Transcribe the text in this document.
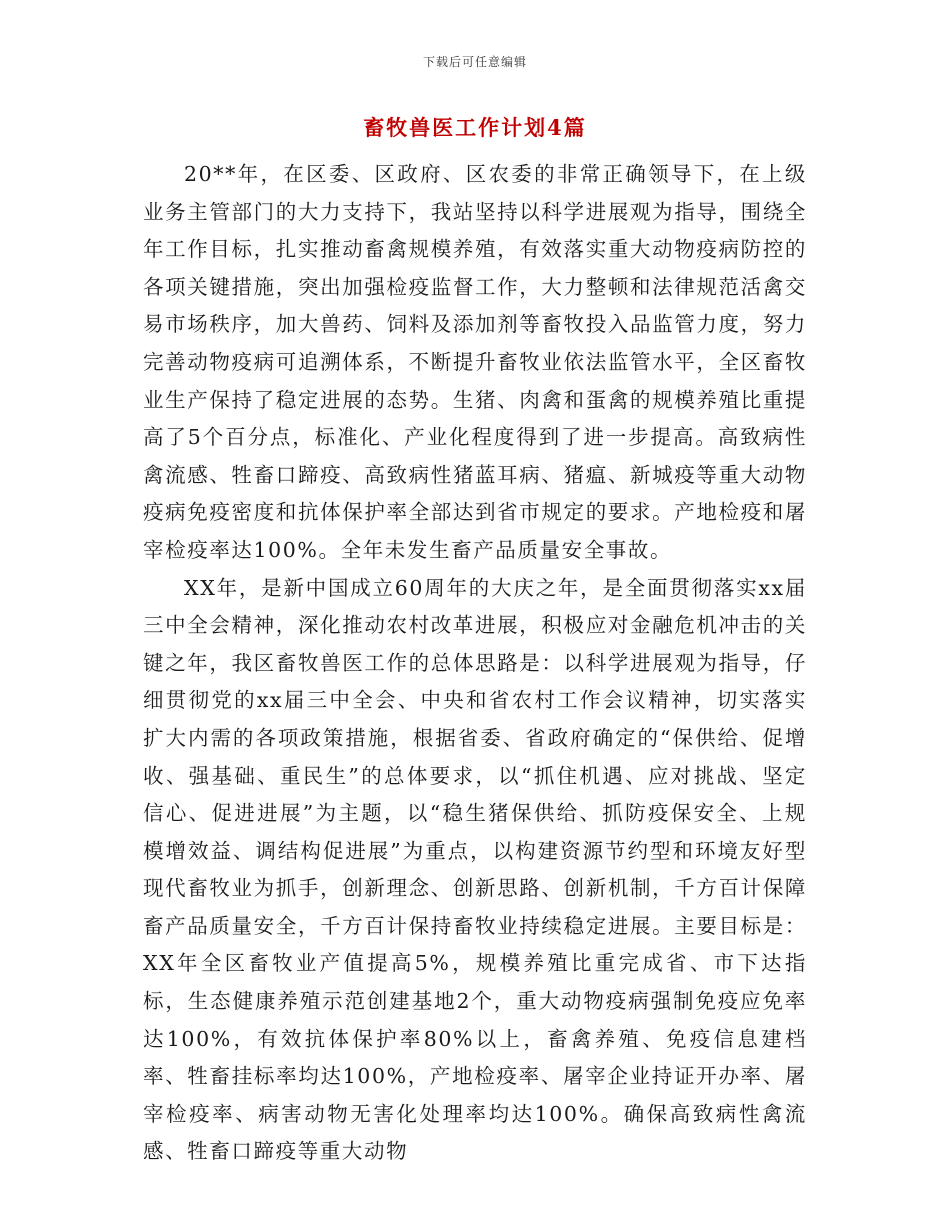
下载后可任意编辑
畜牧兽医工作计划4篇

20**年，在区委、区政府、区农委的非常正确领导下，在上级业务主管部门的大力支持下，我站坚持以科学进展观为指导，围绕全年工作目标，扎实推动畜禽规模养殖，有效落实重大动物疫病防控的各项关键措施，突出加强检疫监督工作，大力整顿和法律规范活禽交易市场秩序，加大兽药、饲料及添加剂等畜牧投入品监管力度，努力完善动物疫病可追溯体系，不断提升畜牧业依法监管水平，全区畜牧业生产保持了稳定进展的态势。生猪、肉禽和蛋禽的规模养殖比重提高了5个百分点，标准化、产业化程度得到了进一步提高。高致病性禽流感、牲畜口蹄疫、高致病性猪蓝耳病、猪瘟、新城疫等重大动物疫病免疫密度和抗体保护率全部达到省市规定的要求。产地检疫和屠宰检疫率达100%。全年未发生畜产品质量安全事故。

XX年，是新中国成立60周年的大庆之年，是全面贯彻落实xx届三中全会精神，深化推动农村改革进展，积极应对金融危机冲击的关键之年，我区畜牧兽医工作的总体思路是：以科学进展观为指导，仔细贯彻党的xx届三中全会、中央和省农村工作会议精神，切实落实扩大内需的各项政策措施，根据省委、省政府确定的“保供给、促增收、强基础、重民生”的总体要求，以“抓住机遇、应对挑战、坚定信心、促进进展”为主题，以“稳生猪保供给、抓防疫保安全、上规模增效益、调结构促进展”为重点，以构建资源节约型和环境友好型现代畜牧业为抓手，创新理念、创新思路、创新机制，千方百计保障畜产品质量安全，千方百计保持畜牧业持续稳定进展。主要目标是：XX年全区畜牧业产值提高5%，规模养殖比重完成省、市下达指标，生态健康养殖示范创建基地2个，重大动物疫病强制免疫应免率达100%，有效抗体保护率80%以上，畜禽养殖、免疫信息建档率、牲畜挂标率均达100%，产地检疫率、屠宰企业持证开办率、屠宰检疫率、病害动物无害化处理率均达100%。确保高致病性禽流感、牲畜口蹄疫等重大动物
